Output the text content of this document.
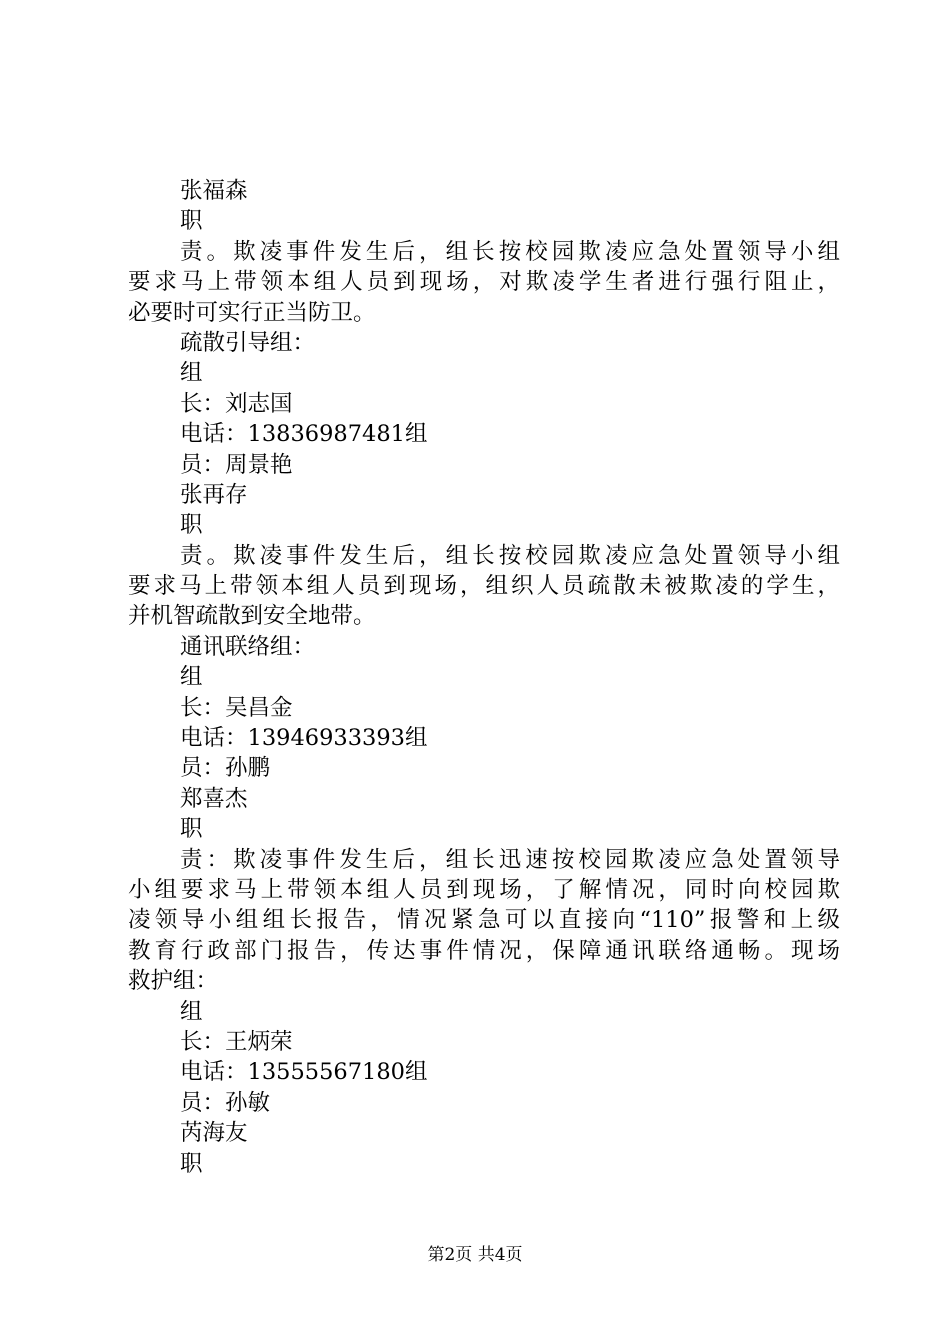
张福森
职
责。欺凌事件发生后，组长按校园欺凌应急处置领导小组
要求马上带领本组人员到现场，对欺凌学生者进行强行阻止，
必要时可实行正当防卫。
疏散引导组：
组
长：刘志国
电话：13836987481组
员：周景艳
张再存
职
责。欺凌事件发生后，组长按校园欺凌应急处置领导小组
要求马上带领本组人员到现场，组织人员疏散未被欺凌的学生，
并机智疏散到安全地带。
通讯联络组：
组
长：吴昌金
电话：13946933393组
员：孙鹏
郑喜杰
职
责：欺凌事件发生后，组长迅速按校园欺凌应急处置领导
小组要求马上带领本组人员到现场，了解情况，同时向校园欺
凌领导小组组长报告，情况紧急可以直接向“110”报警和上级
教育行政部门报告，传达事件情况，保障通讯联络通畅。现场
救护组：
组
长：王炳荣
电话：13555567180组
员：孙敏
芮海友
职
第2页 共4页
